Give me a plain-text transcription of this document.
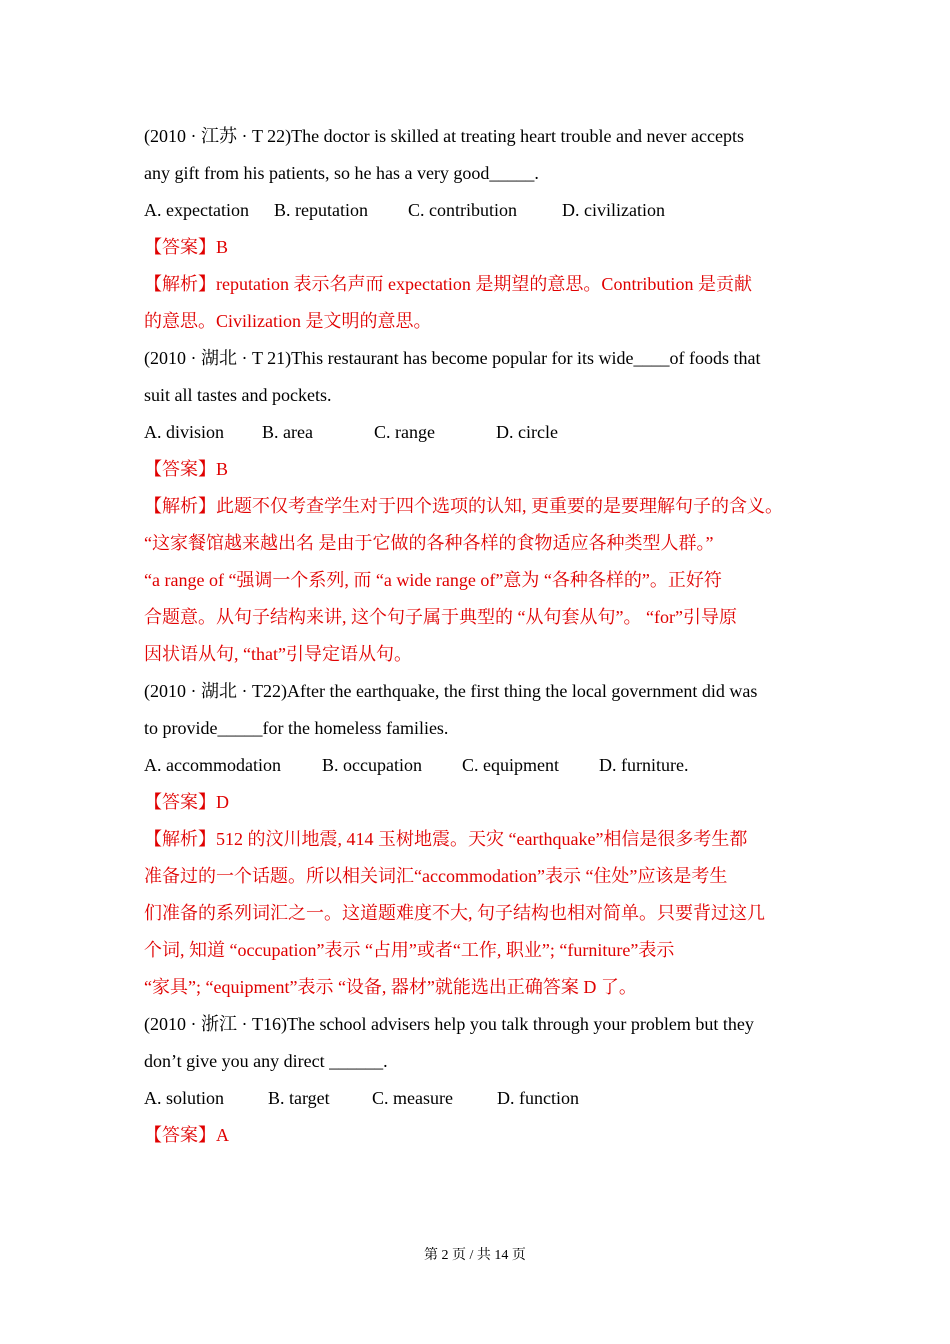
(2010 · 江苏 · T 22)The doctor is skilled at treating heart trouble and never accepts
any gift from his patients, so he has a very good_____.
A. expectation B. reputation C. contribution	D. civilization
【答案】B
【解析】reputation 表示名声而 expectation 是期望的意思。Contribution 是贡献
的意思。Civilization 是文明的意思。
(2010 · 湖北 · T 21)This restaurant has become popular for its wide____of foods that
suit all tastes and pockets.
A. division B. area	C. range	D. circle
【答案】B
【解析】此题不仅考查学生对于四个选项的认知, 更重要的是要理解句子的含义。
“这家餐馆越来越出名 是由于它做的各种各样的食物适应各种类型人群。”
“a range of “强调一个系列, 而 “a wide range of”意为 “各种各样的”。正好符
合题意。从句子结构来讲, 这个句子属于典型的 “从句套从句”。 “for”引导原
因状语从句, “that”引导定语从句。
(2010 · 湖北 · T22)After the earthquake, the first thing the local government did was
to provide_____for the homeless families.
A. accommodation B. occupation C. equipment D. furniture.
【答案】D
【解析】512 的汶川地震, 414 玉树地震。天灾 “earthquake”相信是很多考生都
准备过的一个话题。所以相关词汇“accommodation”表示 “住处”应该是考生
们准备的系列词汇之一。这道题难度不大, 句子结构也相对简单。只要背过这几
个词, 知道 “occupation”表示 “占用”或者“工作, 职业”; “furniture”表示
“家具”; “equipment”表示 “设备, 器材”就能选出正确答案 D 了。
(2010 · 浙江 · T16)The school advisers help you talk through your problem but they
don’t give you any direct ______.
A. solution B. target C. measure D. function
【答案】A
第 2 页 / 共 14 页
